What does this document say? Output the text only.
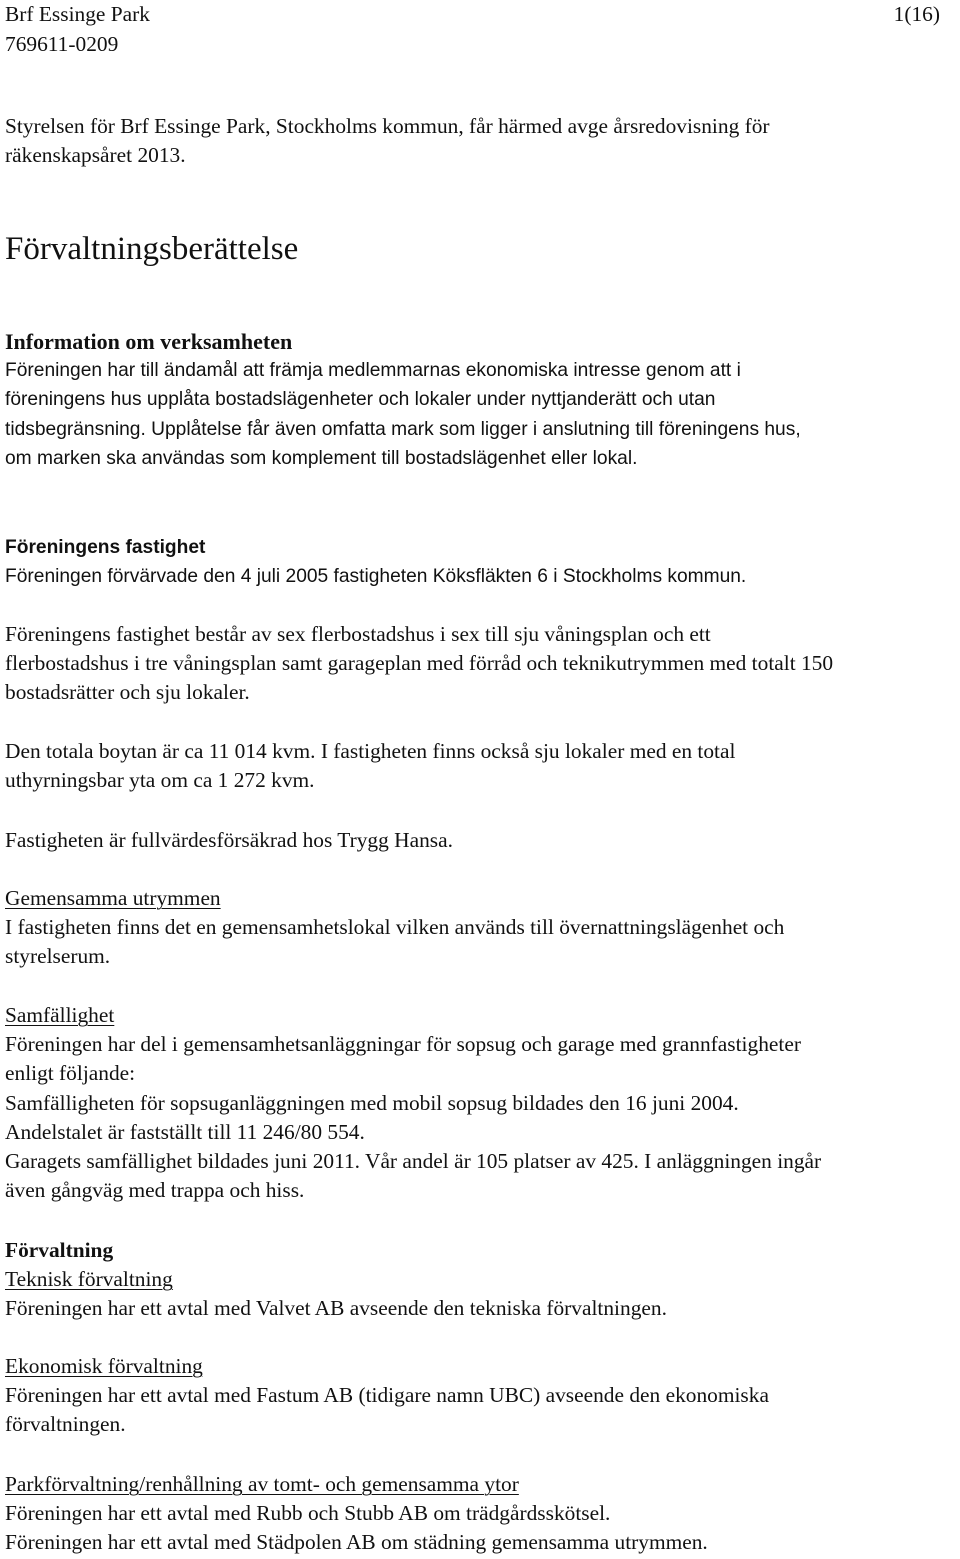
Brf Essinge Park
769611-0209
1(16)
Styrelsen för Brf Essinge Park, Stockholms kommun, får härmed avge årsredovisning för
räkenskapsåret 2013.
Förvaltningsberättelse
Information om verksamheten
Föreningen har till ändamål att främja medlemmarnas ekonomiska intresse genom att i
föreningens hus upplåta bostadslägenheter och lokaler under nyttjanderätt och utan
tidsbegränsning. Upplåtelse får även omfatta mark som ligger i anslutning till föreningens hus,
om marken ska användas som komplement till bostadslägenhet eller lokal.
Föreningens fastighet
Föreningen förvärvade den 4 juli 2005 fastigheten Köksfläkten 6 i Stockholms kommun.
Föreningens fastighet består av sex flerbostadshus i sex till sju våningsplan och ett
flerbostadshus i tre våningsplan samt garageplan med förråd och teknikutrymmen med totalt 150
bostadsrätter och sju lokaler.
Den totala boytan är ca 11 014 kvm. I fastigheten finns också sju lokaler med en total
uthyrningsbar yta om ca 1 272 kvm.
Fastigheten är fullvärdesförsäkrad hos Trygg Hansa.
Gemensamma utrymmen
I fastigheten finns det en gemensamhetslokal vilken används till övernattningslägenhet och
styrelserum.
Samfällighet
Föreningen har del i gemensamhetsanläggningar för sopsug och garage med grannfastigheter
enligt följande:
Samfälligheten för sopsuganläggningen med mobil sopsug bildades den 16 juni 2004.
Andelstalet är fastställt till 11 246/80 554.
Garagets samfällighet bildades juni 2011. Vår andel är 105 platser av 425. I anläggningen ingår
även gångväg med trappa och hiss.
Förvaltning
Teknisk förvaltning
Föreningen har ett avtal med Valvet AB avseende den tekniska förvaltningen.
Ekonomisk förvaltning
Föreningen har ett avtal med Fastum AB (tidigare namn UBC) avseende den ekonomiska
förvaltningen.
Parkförvaltning/renhållning av tomt- och gemensamma ytor
Föreningen har ett avtal med Rubb och Stubb AB om trädgårdsskötsel.
Föreningen har ett avtal med Städpolen AB om städning gemensamma utrymmen.
